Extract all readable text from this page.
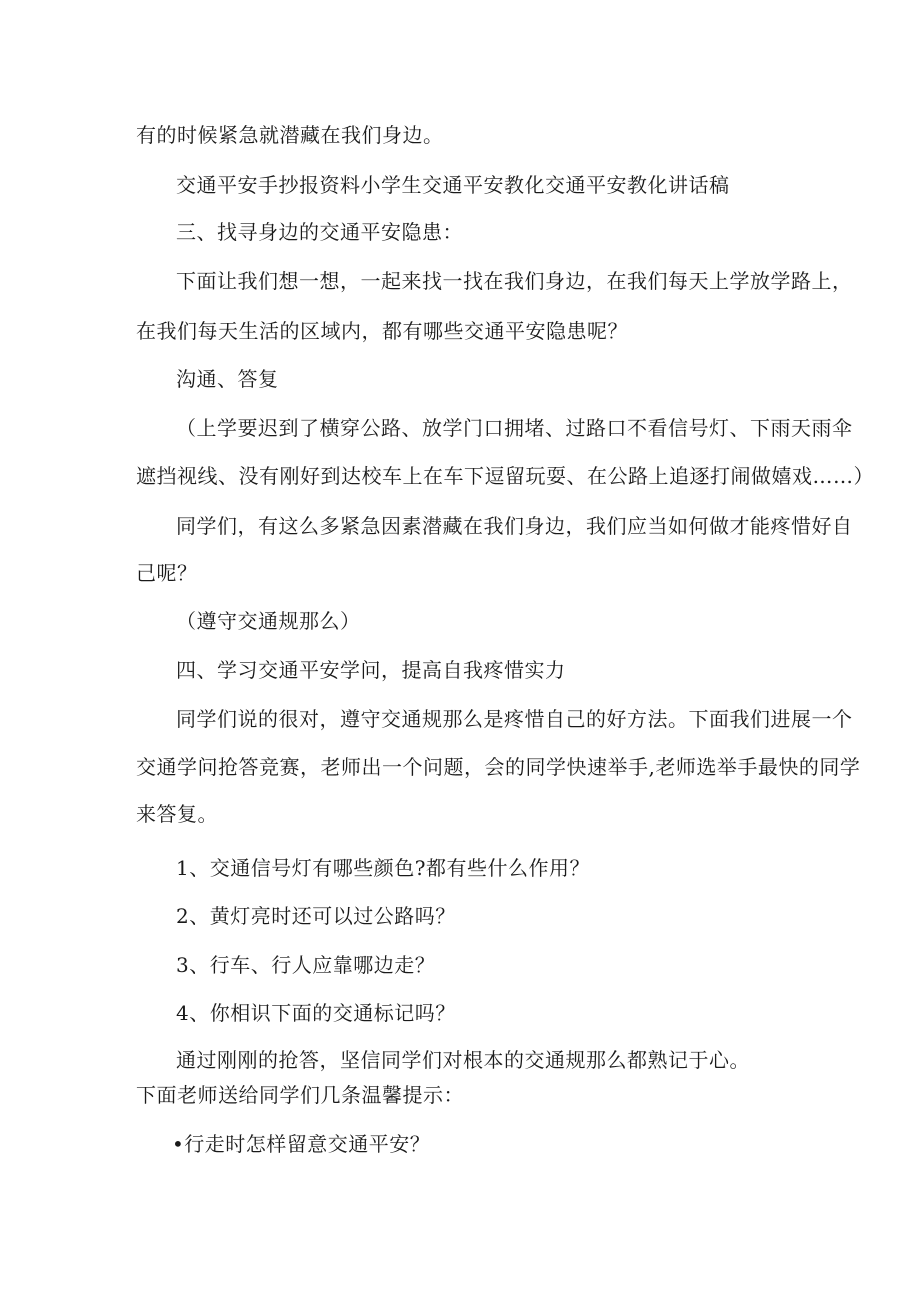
有的时候紧急就潜藏在我们身边。

交通平安手抄报资料小学生交通平安教化交通平安教化讲话稿

三、找寻身边的交通平安隐患：

下面让我们想一想，一起来找一找在我们身边，在我们每天上学放学路上，

在我们每天生活的区域内，都有哪些交通平安隐患呢？

沟通、答复

（上学要迟到了横穿公路、放学门口拥堵、过路口不看信号灯、下雨天雨伞

遮挡视线、没有刚好到达校车上在车下逗留玩耍、在公路上追逐打闹做嬉戏……）

同学们，有这么多紧急因素潜藏在我们身边，我们应当如何做才能疼惜好自

己呢？

（遵守交通规那么）

四、学习交通平安学问，提高自我疼惜实力

同学们说的很对，遵守交通规那么是疼惜自己的好方法。下面我们进展一个

交通学问抢答竞赛，老师出一个问题，会的同学快速举手,老师选举手最快的同学

来答复。

1、交通信号灯有哪些颜色?都有些什么作用？

2、黄灯亮时还可以过公路吗？

3、行车、行人应靠哪边走？

4、你相识下面的交通标记吗？

通过刚刚的抢答，坚信同学们对根本的交通规那么都熟记于心。

下面老师送给同学们几条温馨提示：

•行走时怎样留意交通平安？
